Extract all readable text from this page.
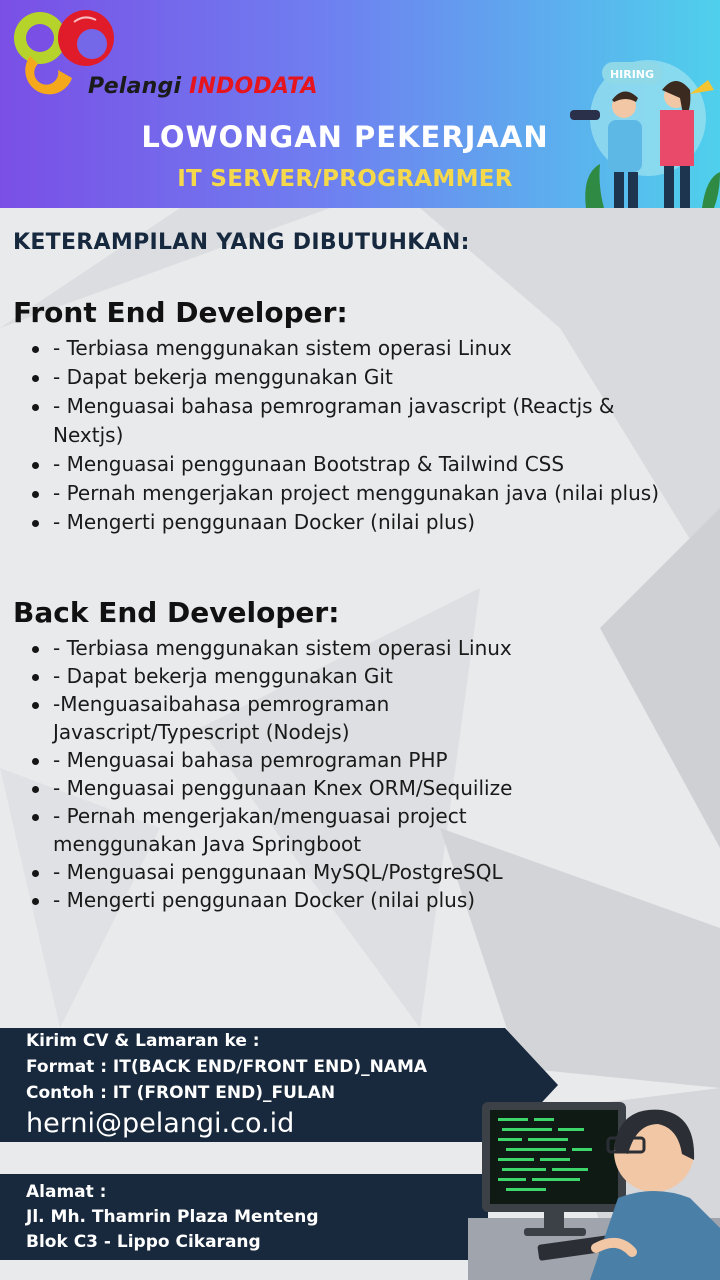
Pelangi INDODATA
LOWONGAN PEKERJAAN
IT SERVER/PROGRAMMER
HIRING
KETERAMPILAN YANG DIBUTUHKAN:
Front End Developer:
- Terbiasa menggunakan sistem operasi Linux
- Dapat bekerja menggunakan Git
- Menguasai bahasa pemrograman javascript (Reactjs & Nextjs)
- Menguasai penggunaan Bootstrap & Tailwind CSS
- Pernah mengerjakan project menggunakan java (nilai plus)
- Mengerti penggunaan Docker (nilai plus)
Back End Developer:
- Terbiasa menggunakan sistem operasi Linux
- Dapat bekerja menggunakan Git
-Menguasaibahasa pemrograman Javascript/Typescript (Nodejs)
- Menguasai bahasa pemrograman PHP
- Menguasai penggunaan Knex ORM/Sequilize
- Pernah mengerjakan/menguasai project menggunakan Java Springboot
- Menguasai penggunaan MySQL/PostgreSQL
- Mengerti penggunaan Docker (nilai plus)
Kirim CV & Lamaran ke :
Format : IT(BACK END/FRONT END)_NAMA
Contoh : IT (FRONT END)_FULAN
herni@pelangi.co.id
Alamat :
Jl. Mh. Thamrin Plaza Menteng
Blok C3 - Lippo Cikarang
